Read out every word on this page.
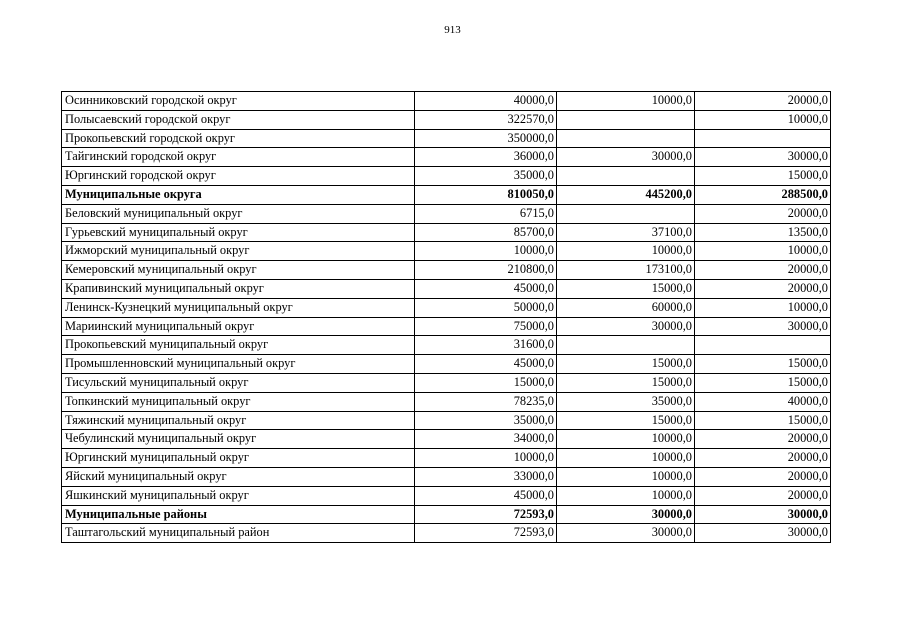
913
Осинниковский городской округ	40000,0	10000,0	20000,0
Полысаевский городской округ	322570,0		10000,0
Прокопьевский городской округ	350000,0		
Тайгинский городской округ	36000,0	30000,0	30000,0
Юргинский городской округ	35000,0		15000,0
Муниципальные округа	810050,0	445200,0	288500,0
Беловский муниципальный округ	6715,0		20000,0
Гурьевский муниципальный округ	85700,0	37100,0	13500,0
Ижморский муниципальный округ	10000,0	10000,0	10000,0
Кемеровский муниципальный округ	210800,0	173100,0	20000,0
Крапивинский муниципальный округ	45000,0	15000,0	20000,0
Ленинск-Кузнецкий муниципальный округ	50000,0	60000,0	10000,0
Мариинский муниципальный округ	75000,0	30000,0	30000,0
Прокопьевский муниципальный округ	31600,0		
Промышленновский муниципальный округ	45000,0	15000,0	15000,0
Тисульский муниципальный округ	15000,0	15000,0	15000,0
Топкинский муниципальный округ	78235,0	35000,0	40000,0
Тяжинский муниципальный округ	35000,0	15000,0	15000,0
Чебулинский муниципальный округ	34000,0	10000,0	20000,0
Юргинский муниципальный округ	10000,0	10000,0	20000,0
Яйский муниципальный округ	33000,0	10000,0	20000,0
Яшкинский муниципальный округ	45000,0	10000,0	20000,0
Муниципальные районы	72593,0	30000,0	30000,0
Таштагольский муниципальный район	72593,0	30000,0	30000,0
